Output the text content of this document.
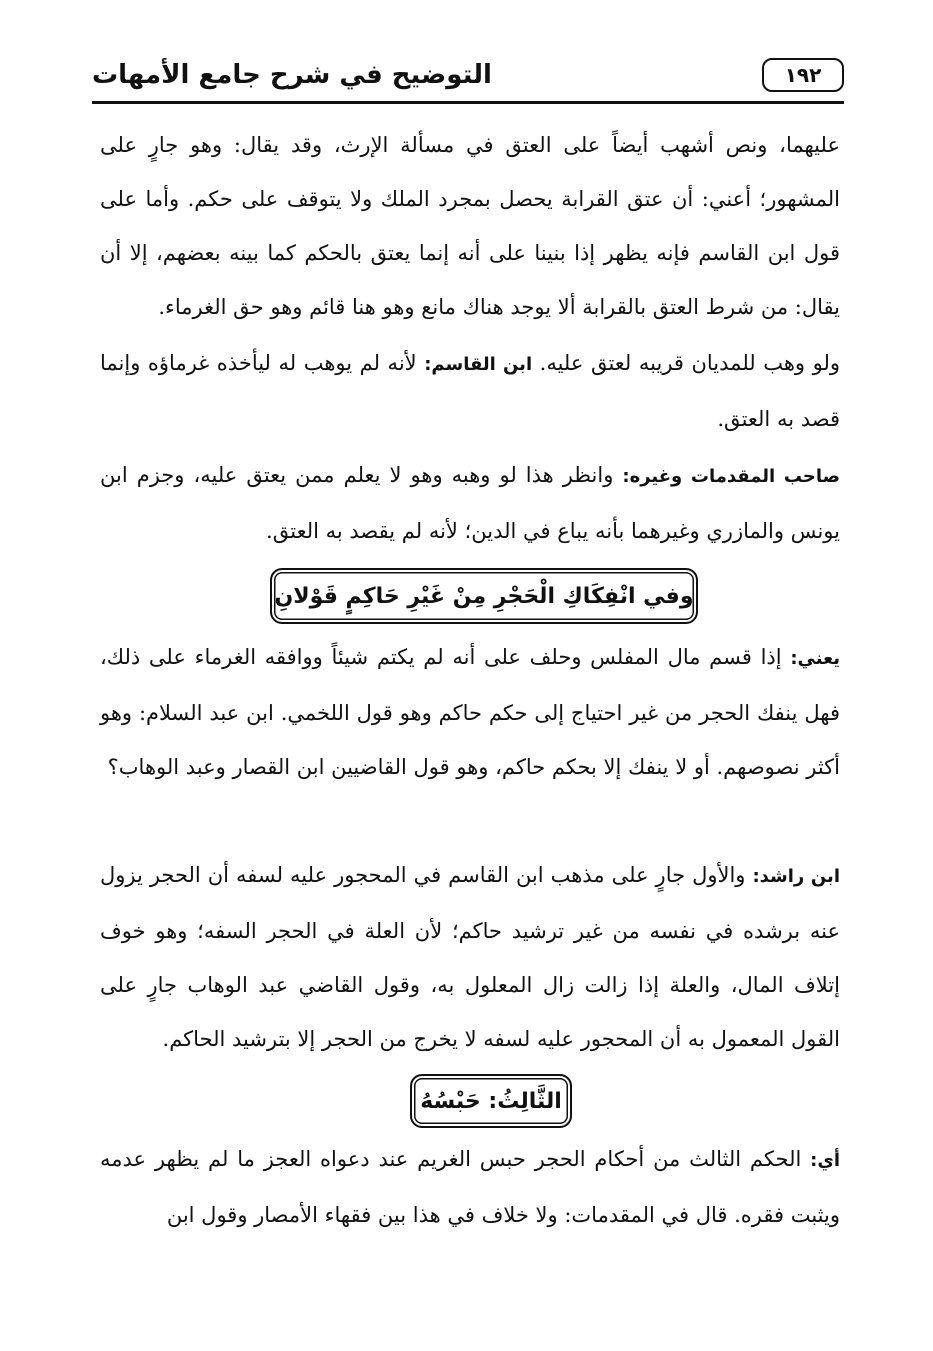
١٩٢
التوضيح في شرح جامع الأمهات
عليهما، ونص أشهب أيضاً على العتق في مسألة الإرث، وقد يقال: وهو جارٍ على المشهور؛ أعني: أن عتق القرابة يحصل بمجرد الملك ولا يتوقف على حكم. وأما على قول ابن القاسم فإنه يظهر إذا بنينا على أنه إنما يعتق بالحكم كما بينه بعضهم، إلا أن يقال: من شرط العتق بالقرابة ألا يوجد هناك مانع وهو هنا قائم وهو حق الغرماء.
ولو وهب للمديان قريبه لعتق عليه. ابن القاسم: لأنه لم يوهب له ليأخذه غرماؤه وإنما قصد به العتق.
صاحب المقدمات وغيره: وانظر هذا لو وهبه وهو لا يعلم ممن يعتق عليه، وجزم ابن يونس والمازري وغيرهما بأنه يباع في الدين؛ لأنه لم يقصد به العتق.
وفي انْفِكَاكِ الْحَجْرِ مِنْ غَيْرِ حَاكِمٍ قَوْلانِ
يعني: إذا قسم مال المفلس وحلف على أنه لم يكتم شيئاً ووافقه الغرماء على ذلك، فهل ينفك الحجر من غير احتياج إلى حكم حاكم وهو قول اللخمي. ابن عبد السلام: وهو أكثر نصوصهم. أو لا ينفك إلا بحكم حاكم، وهو قول القاضيين ابن القصار وعبد الوهاب؟
ابن راشد: والأول جارٍ على مذهب ابن القاسم في المحجور عليه لسفه أن الحجر يزول عنه برشده في نفسه من غير ترشيد حاكم؛ لأن العلة في الحجر السفه؛ وهو خوف إتلاف المال، والعلة إذا زالت زال المعلول به، وقول القاضي عبد الوهاب جارٍ على القول المعمول به أن المحجور عليه لسفه لا يخرج من الحجر إلا بترشيد الحاكم.
الثَّالِثُ: حَبْسُهُ
أي: الحكم الثالث من أحكام الحجر حبس الغريم عند دعواه العجز ما لم يظهر عدمه ويثبت فقره. قال في المقدمات: ولا خلاف في هذا بين فقهاء الأمصار وقول ابن
